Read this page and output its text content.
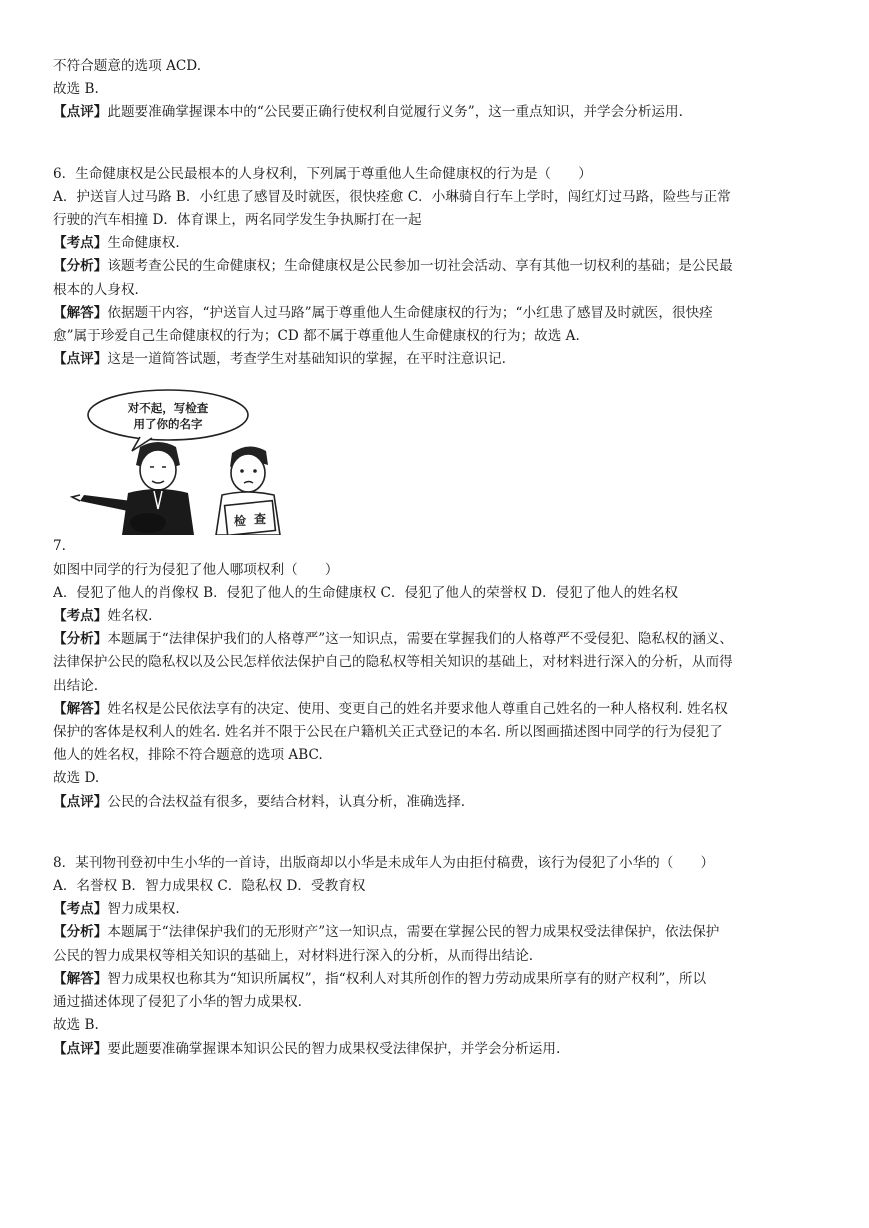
不符合题意的选项 ACD.

故选 B.

【点评】此题要准确掌握课本中的“公民要正确行使权利自觉履行义务”，这一重点知识，并学会分析运用.

6．生命健康权是公民最根本的人身权利，下列属于尊重他人生命健康权的行为是（　　）

A．护送盲人过马路 B．小红患了感冒及时就医，很快痊愈 C．小琳骑自行车上学时，闯红灯过马路，险些与正常

行驶的汽车相撞 D．体育课上，两名同学发生争执厮打在一起

【考点】生命健康权.

【分析】该题考查公民的生命健康权；生命健康权是公民参加一切社会活动、享有其他一切权利的基础；是公民最

根本的人身权.

【解答】依据题干内容，“护送盲人过马路”属于尊重他人生命健康权的行为；“小红患了感冒及时就医，很快痊

愈”属于珍爱自己生命健康权的行为；CD 都不属于尊重他人生命健康权的行为；故选 A.

【点评】这是一道简答试题，考查学生对基础知识的掌握，在平时注意识记.

对不起，写检查
用了你的名字
检 查

7.

如图中同学的行为侵犯了他人哪项权利（　　）

A．侵犯了他人的肖像权 B．侵犯了他人的生命健康权 C．侵犯了他人的荣誉权 D．侵犯了他人的姓名权

【考点】姓名权.

【分析】本题属于“法律保护我们的人格尊严”这一知识点，需要在掌握我们的人格尊严不受侵犯、隐私权的涵义、

法律保护公民的隐私权以及公民怎样依法保护自己的隐私权等相关知识的基础上，对材料进行深入的分析，从而得

出结论.

【解答】姓名权是公民依法享有的决定、使用、变更自己的姓名并要求他人尊重自己姓名的一种人格权利. 姓名权

保护的客体是权利人的姓名. 姓名并不限于公民在户籍机关正式登记的本名. 所以图画描述图中同学的行为侵犯了

他人的姓名权，排除不符合题意的选项 ABC.

故选 D.

【点评】公民的合法权益有很多，要结合材料，认真分析，准确选择.

8．某刊物刊登初中生小华的一首诗，出版商却以小华是未成年人为由拒付稿费，该行为侵犯了小华的（　　）

A．名誉权 B．智力成果权 C．隐私权 D．受教育权

【考点】智力成果权.

【分析】本题属于“法律保护我们的无形财产”这一知识点，需要在掌握公民的智力成果权受法律保护，依法保护

公民的智力成果权等相关知识的基础上，对材料进行深入的分析，从而得出结论.

【解答】智力成果权也称其为“知识所属权”，指“权利人对其所创作的智力劳动成果所享有的财产权利”，所以

通过描述体现了侵犯了小华的智力成果权.

故选 B.

【点评】要此题要准确掌握课本知识公民的智力成果权受法律保护，并学会分析运用.
